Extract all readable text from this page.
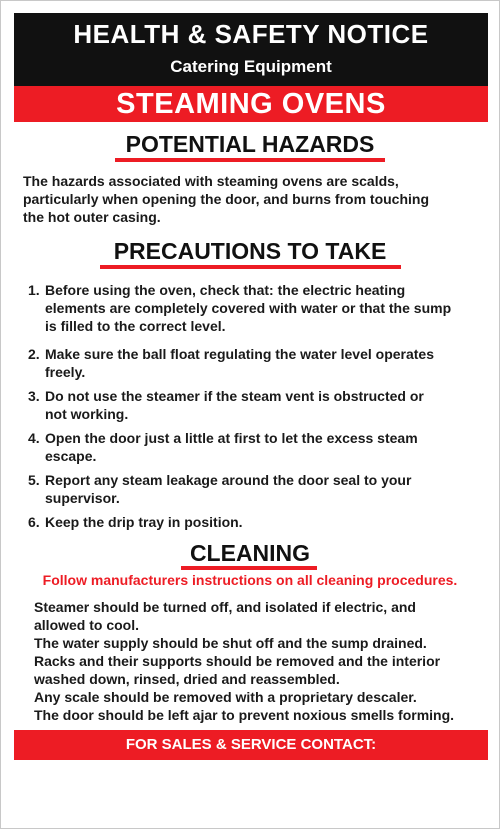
HEALTH & SAFETY NOTICE
Catering Equipment
STEAMING OVENS
POTENTIAL HAZARDS
The hazards associated with steaming ovens are scalds,
particularly when opening the door, and burns from touching
the hot outer casing.
PRECAUTIONS TO TAKE
1. Before using the oven, check that: the electric heating
elements are completely covered with water or that the sump
is filled to the correct level.
2. Make sure the ball float regulating the water level operates
freely.
3. Do not use the steamer if the steam vent is obstructed or
not working.
4. Open the door just a little at first to let the excess steam
escape.
5. Report any steam leakage around the door seal to your
supervisor.
6. Keep the drip tray in position.
CLEANING
Follow manufacturers instructions on all cleaning procedures.
Steamer should be turned off, and isolated if electric, and
allowed to cool.
The water supply should be shut off and the sump drained.
Racks and their supports should be removed and the interior
washed down, rinsed, dried and reassembled.
Any scale should be removed with a proprietary descaler.
The door should be left ajar to prevent noxious smells forming.
FOR SALES & SERVICE CONTACT:
